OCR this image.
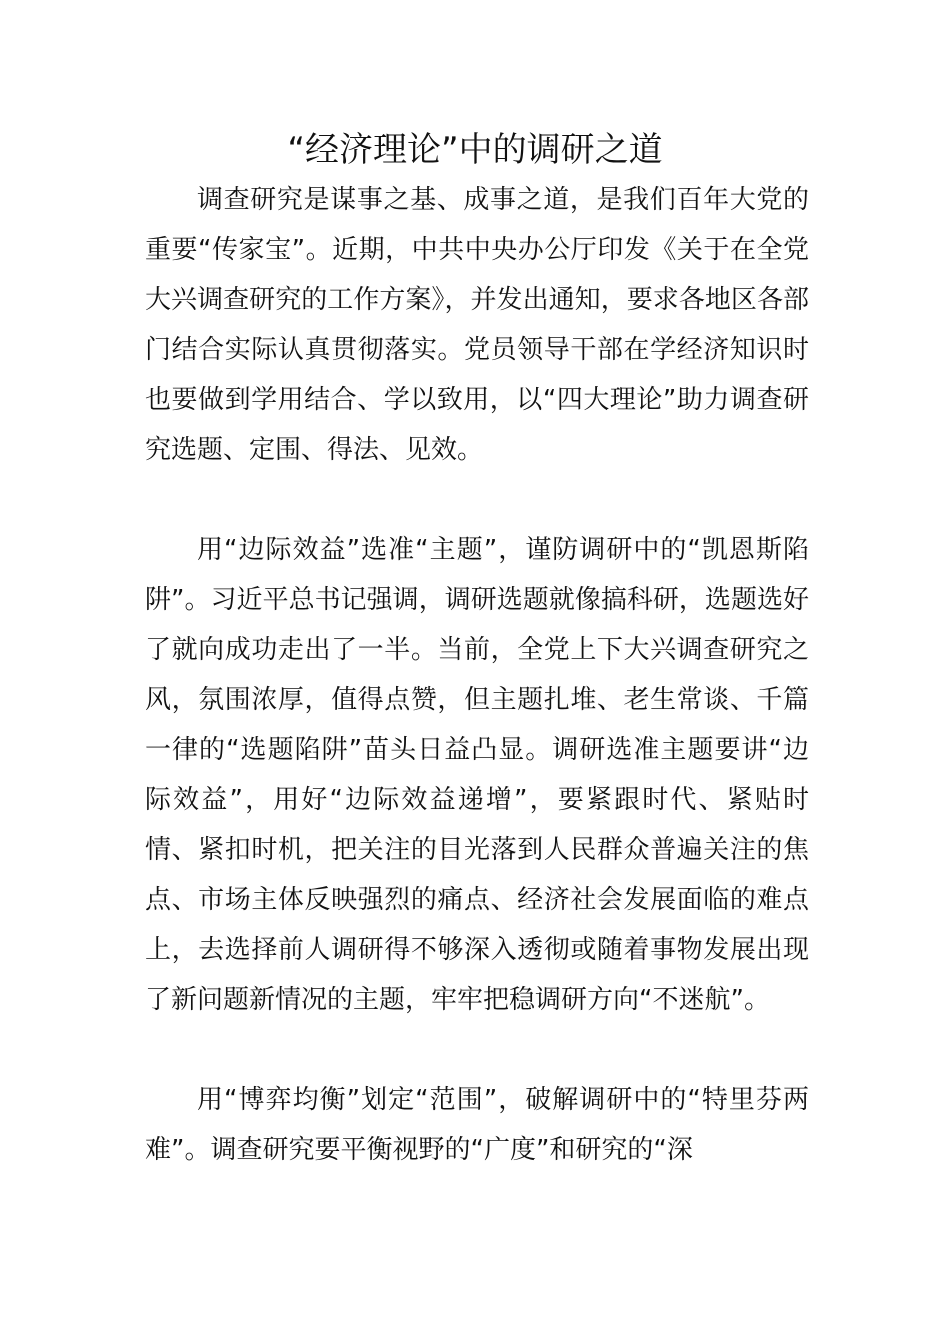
“经济理论”中的调研之道

调查研究是谋事之基、成事之道，是我们百年大党的重要“传家宝”。近期，中共中央办公厅印发《关于在全党大兴调查研究的工作方案》，并发出通知，要求各地区各部门结合实际认真贯彻落实。党员领导干部在学经济知识时也要做到学用结合、学以致用，以“四大理论”助力调查研究选题、定围、得法、见效。

用“边际效益”选准“主题”，谨防调研中的“凯恩斯陷阱”。习近平总书记强调，调研选题就像搞科研，选题选好了就向成功走出了一半。当前，全党上下大兴调查研究之风，氛围浓厚，值得点赞，但主题扎堆、老生常谈、千篇一律的“选题陷阱”苗头日益凸显。调研选准主题要讲“边际效益”，用好“边际效益递增”，要紧跟时代、紧贴时情、紧扣时机，把关注的目光落到人民群众普遍关注的焦点、市场主体反映强烈的痛点、经济社会发展面临的难点上，去选择前人调研得不够深入透彻或随着事物发展出现了新问题新情况的主题，牢牢把稳调研方向“不迷航”。

用“博弈均衡”划定“范围”，破解调研中的“特里芬两难”。调查研究要平衡视野的“广度”和研究的“深
